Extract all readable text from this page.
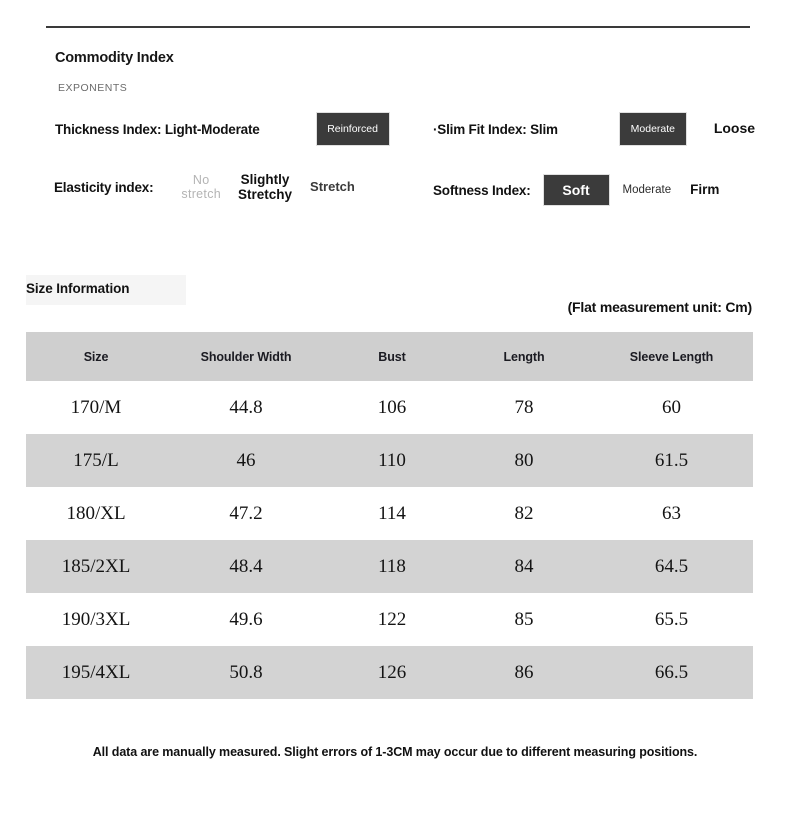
Commodity Index
EXPONENTS
Thickness Index: Light-Moderate	Reinforced	·Slim Fit Index: Slim	Moderate	Loose
Elasticity index:	No
stretch
Slightly
Stretchy
Stretch	Softness Index:	Soft	Moderate Firm
Size Information
(Flat measurement unit: Cm)
Size	Shoulder Width	Bust	Length	Sleeve Length
170/M	44.8	106	78	60
175/L	46	110	80	61.5
180/XL	47.2	114	82	63
185/2XL	48.4	118	84	64.5
190/3XL	49.6	122	85	65.5
195/4XL	50.8	126	86	66.5
All data are manually measured. Slight errors of 1-3CM may occur due to different measuring positions.
